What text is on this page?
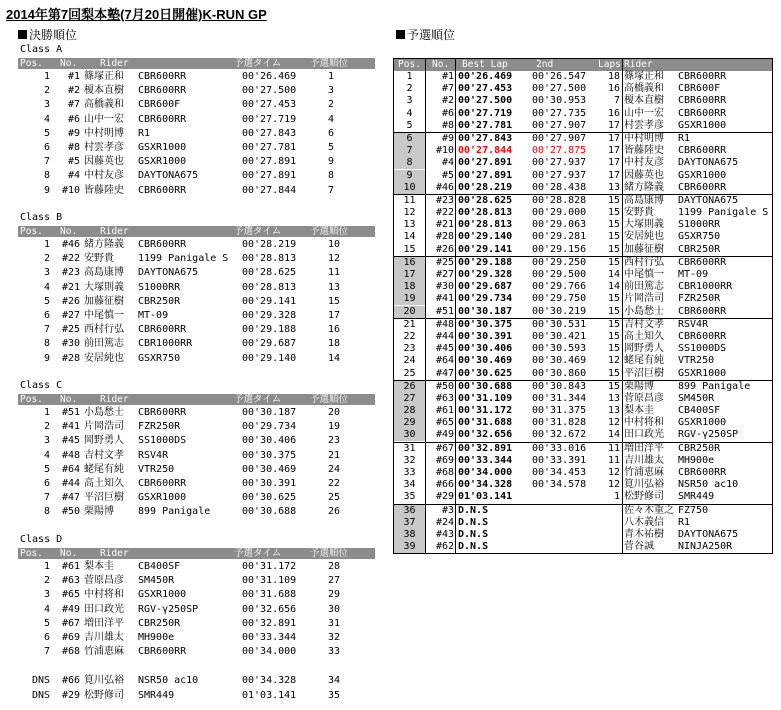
2014年第7回梨本塾(7月20日開催)K-RUN GP
決勝順位	予選順位
Class A
Pos. No. Rider	予選タイム	予選順位
1	#1 篠塚正和 CBR600RR	00'26.469	1
2	#2 榎本直樹 CBR600RR	00'27.500	3
3	#7 高橋義和 CBR600F	00'27.453	2
4	#6 山中一宏 CBR600RR	00'27.719	4
5	#9 中村明博 R1	00'27.843	6
6	#8 村雲孝彦 GSXR1000	00'27.781	5
7	#5 因藤英也 GSXR1000	00'27.891	9
8	#4 中村友彦 DAYTONA675	00'27.891	8
9	#10 皆藤陸史 CBR600RR	00'27.844	7
Class B
Pos. No. Rider	予選タイム	予選順位
1	#46 緒方隆義 CBR600RR	00'28.219	10
2	#22 安野貴 1199 Panigale S 00'28.813	12
3	#23 高島康博 DAYTONA675	00'28.625	11
4	#21 大塚則義 S1000RR	00'28.813	13
5	#26 加藤征樹 CBR250R	00'29.141	15
6	#27 中尾慎一 MT-09	00'29.328	17
7	#25 西村行弘 CBR600RR	00'29.188	16
8	#30 前田篤志 CBR1000RR	00'29.687	18
9	#28 安居純也 GSXR750	00'29.140	14
Class C
Pos. No. Rider	予選タイム	予選順位
1	#51 小島愁士 CBR600RR	00'30.187	20
2	#41 片岡浩司 FZR250R	00'29.734	19
3	#45 岡野勇人 SS1000DS	00'30.406	23
4	#48 吉村文孝 RSV4R	00'30.375	21
5	#64 蛯尾有純 VTR250	00'30.469	24
6	#44 高土知久 CBR600RR	00'30.391	22
7	#47 平沼巨樹 GSXR1000	00'30.625	25
8	#50 栗陽博 899 Panigale	00'30.688	26
Class D
Pos. No. Rider	予選タイム	予選順位
1	#61 梨本圭 CB400SF	00'31.172	28
2	#63 菅原昌彦 SM450R	00'31.109	27
3	#65 中村将和 GSXR1000	00'31.688	29
4	#49 田口政光 RGV-γ250SP	00'32.656	30
5	#67 増田洋平 CBR250R	00'32.891	31
6	#69 吉川雄太 MH900e	00'33.344	32
7	#68 竹浦恵麻 CBR600RR	00'34.000	33
DNS	#66 筧川弘裕 NSR50 ac10	00'34.328	34
DNS	#29 松野修司 SMR449	01'03.141	35
Pos.	No. Best Lap	2nd	Laps Rider
1	#1 00'26.469	00'26.547	18 篠塚正和 CBR600RR
2	#7 00'27.453	00'27.500	16 高橋義和 CBR600F
3	#2 00'27.500	00'30.953	7 榎本直樹 CBR600RR
4	#6 00'27.719	00'27.735	16 山中一宏 CBR600RR
5	#8 00'27.781	00'27.907	17 村雲孝彦 GSXR1000
6	#9 00'27.843	00'27.907	17 中村明博 R1
7	#10 00'27.844	00'27.875	17 皆藤陸史 CBR600RR
8	#4 00'27.891	00'27.937	17 中村友彦 DAYTONA675
9	#5 00'27.891	00'27.937	17 因藤英也 GSXR1000
10	#46 00'28.219	00'28.438	13 緒方隆義 CBR600RR
11	#23 00'28.625	00'28.828	15 高島康博 DAYTONA675
12	#22 00'28.813	00'29.000	15 安野貴 1199 Panigale S
13	#21 00'28.813	00'29.063	15 大塚則義 S1000RR
14	#28 00'29.140	00'29.281	15 安居純也 GSXR750
15	#26 00'29.141	00'29.156	15 加藤征樹 CBR250R
16	#25 00'29.188	00'29.250	15 西村行弘 CBR600RR
17	#27 00'29.328	00'29.500	14 中尾慎一 MT-09
18	#30 00'29.687	00'29.766	14 前田篤志 CBR1000RR
19	#41 00'29.734	00'29.750	15 片岡浩司 FZR250R
20	#51 00'30.187	00'30.219	15 小島愁士 CBR600RR
21	#48 00'30.375	00'30.531	15 吉村文孝 RSV4R
22	#44 00'30.391	00'30.421	15 高土知久 CBR600RR
23	#45 00'30.406	00'30.593	15 岡野勇人 SS1000DS
24	#64 00'30.469	00'30.469	12 蛯尾有純 VTR250
25	#47 00'30.625	00'30.860	15 平沼巨樹 GSXR1000
26	#50 00'30.688	00'30.843	15 栗陽博 899 Panigale
27	#63 00'31.109	00'31.344	13 菅原昌彦 SM450R
28	#61 00'31.172	00'31.375	13 梨本圭 CB400SF
29	#65 00'31.688	00'31.828	12 中村将和 GSXR1000
30	#49 00'32.656	00'32.672	14 田口政光 RGV-γ250SP
31	#67 00'32.891	00'33.016	11 増田洋平 CBR250R
32	#69 00'33.344	00'33.391	11 吉川雄太 MH900e
33	#68 00'34.000	00'34.453	12 竹浦恵麻 CBR600RR
34	#66 00'34.328	00'34.578	12 筧川弘裕 NSR50 ac10
35	#29 01'03.141	1 松野修司 SMR449
36	#3 D.N.S	佐々木重之 FZ750
37	#24 D.N.S	八木義信 R1
38	#43 D.N.S	青木祐樹 DAYTONA675
39	#62 D.N.S	菅谷誠 NINJA250R
